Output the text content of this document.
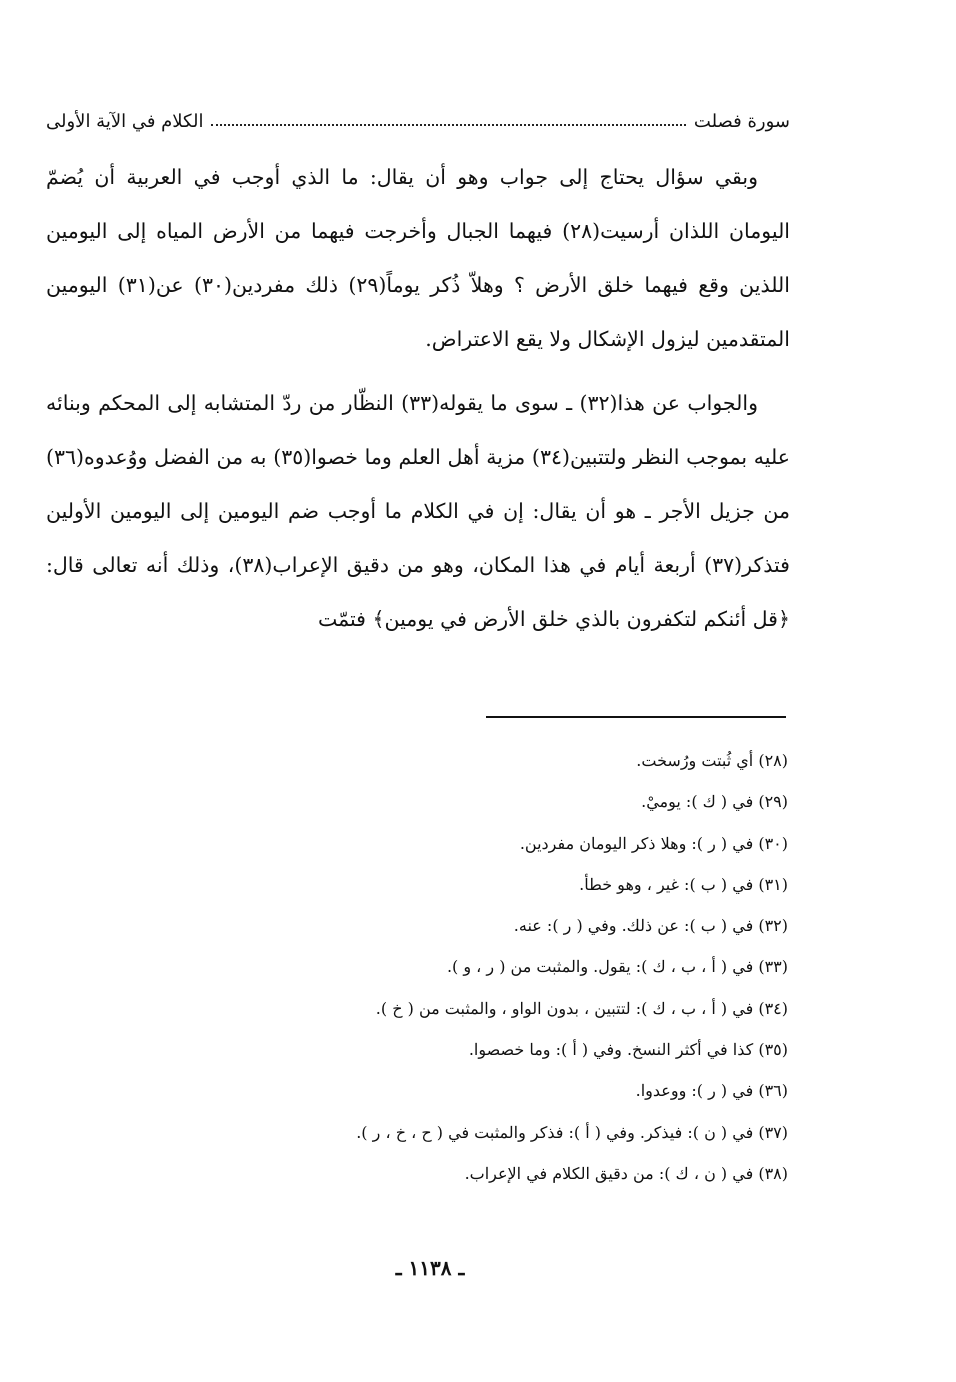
سورة فصلت
الكلام في الآية الأولى

وبقي سؤال يحتاج إلى جواب وهو أن يقال: ما الذي أوجب في العربية أن يُضمّ اليومان اللذان أرسيت(٢٨) فيهما الجبال وأخرجت فيهما من الأرض المياه إلى اليومين اللذين وقع فيهما خلق الأرض ؟ وهلاّ ذُكر يوماً(٢٩) ذلك مفردين(٣٠) عن(٣١) اليومين المتقدمين ليزول الإشكال ولا يقع الاعتراض.

والجواب عن هذا(٣٢) ـ سوى ما يقوله(٣٣) النظّار من ردّ المتشابه إلى المحكم وبنائه عليه بموجب النظر ولتتبين(٣٤) مزية أهل العلم وما خصوا(٣٥) به من الفضل ووُعدوه(٣٦) من جزيل الأجر ـ هو أن يقال: إن في الكلام ما أوجب ضم اليومين إلى اليومين الأولين فتذكر(٣٧) أربعة أيام في هذا المكان، وهو من دقيق الإعراب(٣٨)، وذلك أنه تعالى قال: ﴿قل أئنكم لتكفرون بالذي خلق الأرض في يومين﴾ فتمّت

(٢٨) أي ثُبتت ورُسخت.

(٢٩) في ( ك ): يوميْ.

(٣٠) في ( ر ): وهلا ذكر اليومان مفردين.

(٣١) في ( ب ): غير ، وهو خطأ.

(٣٢) في ( ب ): عن ذلك. وفي ( ر ): عنه.

(٣٣) في ( أ ، ب ، ك ): يقول. والمثبت من ( ر ، و ).

(٣٤) في ( أ ، ب ، ك ): لتتبين ، بدون الواو ، والمثبت من ( خ ).

(٣٥) كذا في أكثر النسخ. وفي ( أ ): وما خصصوا.

(٣٦) في ( ر ): ووعدوا.

(٣٧) في ( ن ): فيذكر. وفي ( أ ): فذكر والمثبت في ( ح ، خ ، ر ).

(٣٨) في ( ن ، ك ): من دقيق الكلام في الإعراب.

ـ ١١٣٨ ـ
